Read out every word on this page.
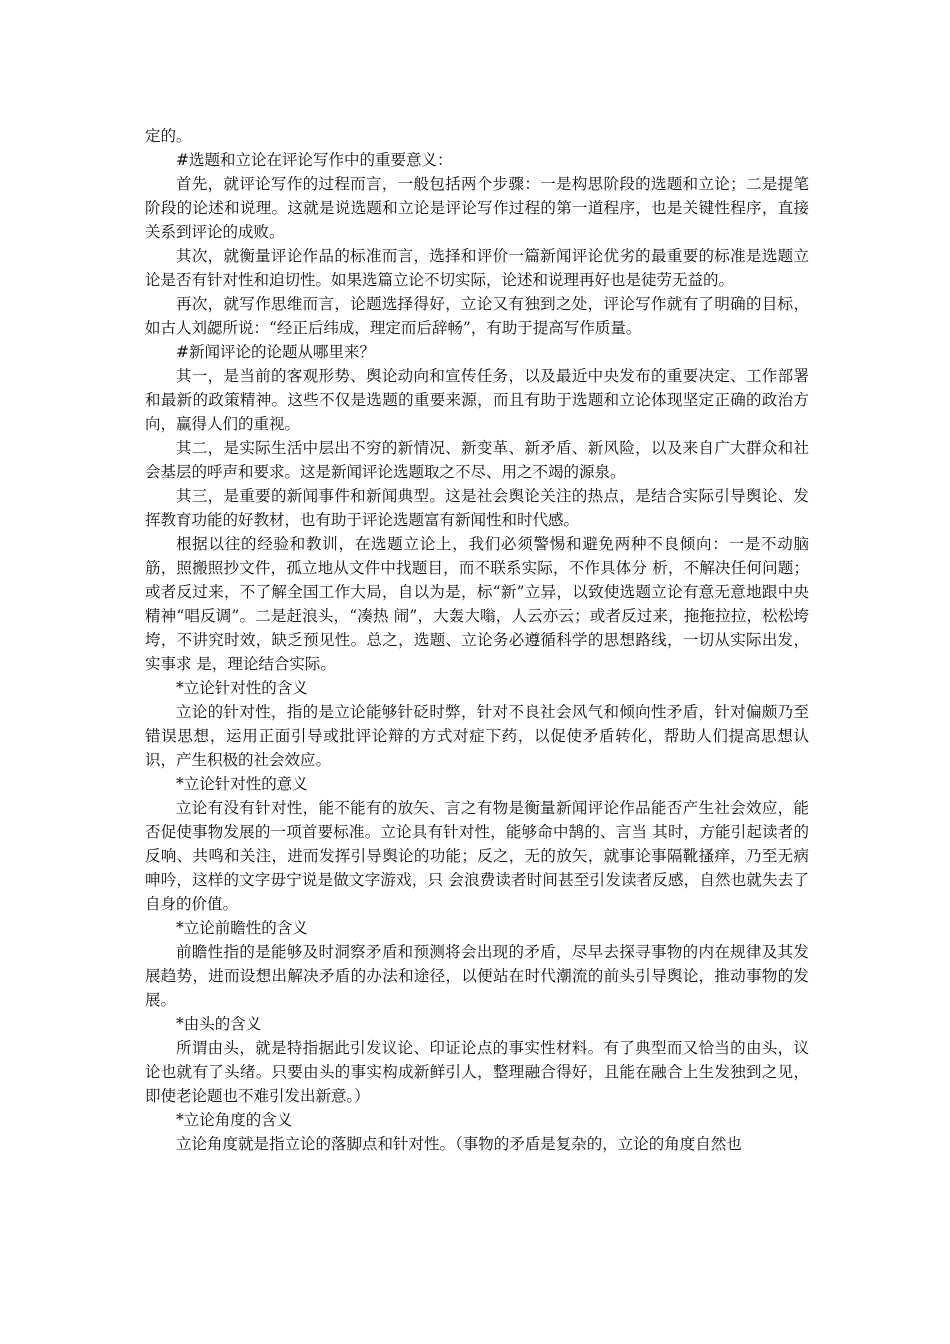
定的。

#选题和立论在评论写作中的重要意义：

首先，就评论写作的过程而言，一般包括两个步骤：一是构思阶段的选题和立论；二是提笔阶段的论述和说理。这就是说选题和立论是评论写作过程的第一道程序，也是关键性程序，直接关系到评论的成败。

其次，就衡量评论作品的标准而言，选择和评价一篇新闻评论优劣的最重要的标准是选题立论是否有针对性和迫切性。如果选篇立论不切实际，论述和说理再好也是徒劳无益的。

再次，就写作思维而言，论题选择得好，立论又有独到之处，评论写作就有了明确的目标，如古人刘勰所说：“经正后纬成，理定而后辞畅”，有助于提高写作质量。

#新闻评论的论题从哪里来？

其一，是当前的客观形势、舆论动向和宣传任务，以及最近中央发布的重要决定、工作部署和最新的政策精神。这些不仅是选题的重要来源，而且有助于选题和立论体现坚定正确的政治方向，赢得人们的重视。

其二，是实际生活中层出不穷的新情况、新变革、新矛盾、新风险，以及来自广大群众和社会基层的呼声和要求。这是新闻评论选题取之不尽、用之不竭的源泉。

其三，是重要的新闻事件和新闻典型。这是社会舆论关注的热点，是结合实际引导舆论、发挥教育功能的好教材，也有助于评论选题富有新闻性和时代感。

根据以往的经验和教训，在选题立论上，我们必须警惕和避免两种不良倾向：一是不动脑筋，照搬照抄文件，孤立地从文件中找题目，而不联系实际，不作具体分 析，不解决任何问题；或者反过来，不了解全国工作大局，自以为是，标“新”立异，以致使选题立论有意无意地跟中央精神“唱反调”。二是赶浪头，“凑热 闹”，大轰大嗡，人云亦云；或者反过来，拖拖拉拉，松松垮垮，不讲究时效，缺乏预见性。总之，选题、立论务必遵循科学的思想路线，一切从实际出发，实事求 是，理论结合实际。

*立论针对性的含义

立论的针对性，指的是立论能够针砭时弊，针对不良社会风气和倾向性矛盾，针对偏颇乃至错误思想，运用正面引导或批评论辩的方式对症下药，以促使矛盾转化，帮助人们提高思想认识，产生积极的社会效应。

*立论针对性的意义

立论有没有针对性，能不能有的放矢、言之有物是衡量新闻评论作品能否产生社会效应，能否促使事物发展的一项首要标准。立论具有针对性，能够命中鹄的、言当 其时，方能引起读者的反响、共鸣和关注，进而发挥引导舆论的功能；反之，无的放矢，就事论事隔靴搔痒，乃至无病呻吟，这样的文字毋宁说是做文字游戏，只 会浪费读者时间甚至引发读者反感，自然也就失去了自身的价值。

*立论前瞻性的含义

前瞻性指的是能够及时洞察矛盾和预测将会出现的矛盾，尽早去探寻事物的内在规律及其发展趋势，进而设想出解决矛盾的办法和途径，以便站在时代潮流的前头引导舆论，推动事物的发展。

*由头的含义

所谓由头，就是特指据此引发议论、印证论点的事实性材料。有了典型而又恰当的由头，议论也就有了头绪。只要由头的事实构成新鲜引人，整理融合得好，且能在融合上生发独到之见，即使老论题也不难引发出新意。）

*立论角度的含义

立论角度就是指立论的落脚点和针对性。（事物的矛盾是复杂的，立论的角度自然也
